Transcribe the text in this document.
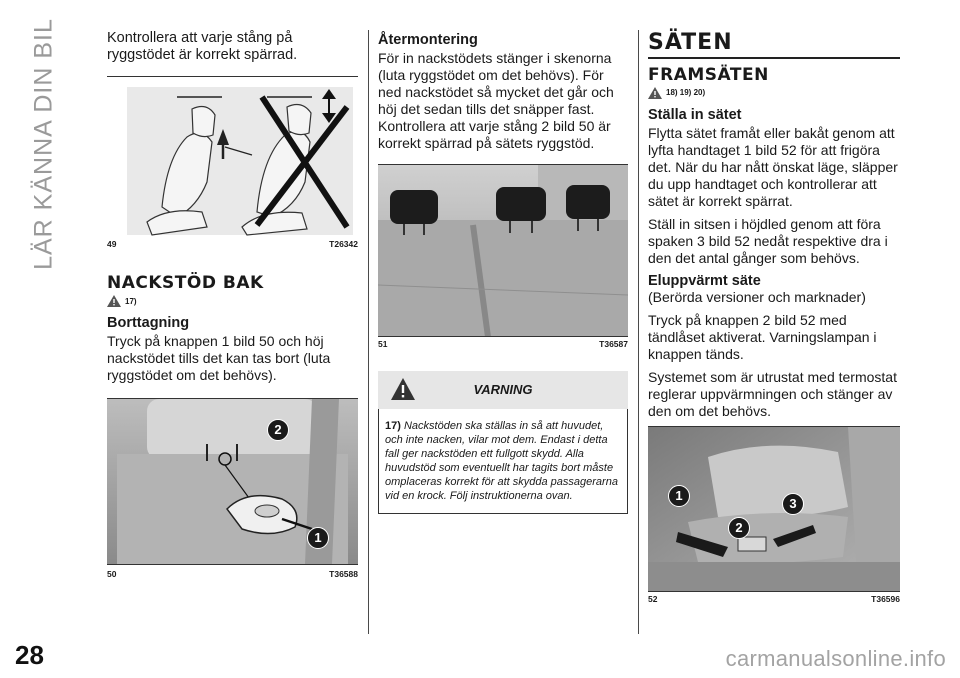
LÄR KÄNNA DIN BIL	Kontrollera att varje stång på ryggstödet är korrekt spärrad.

49	T26342
NACKSTÖD BAK
17)
Borttagning

Tryck på knappen 1 bild 50 och höj nackstödet tills det kan tas bort (luta ryggstödet om det behövs).

2
1
50	T36588
Återmontering

För in nackstödets stänger i skenorna (luta ryggstödet om det behövs). För ned nackstödet så mycket det går och höj det sedan tills det snäpper fast. Kontrollera att varje stång 2 bild 50 är korrekt spärrad på sätets ryggstöd.

51	T36587
VARNING
17) Nackstöden ska ställas in så att huvudet, och inte nacken, vilar mot dem. Endast i detta fall ger nackstöden ett fullgott skydd. Alla huvudstöd som eventuellt har tagits bort måste omplaceras korrekt för att skydda passagerarna vid en krock. Följ instruktionerna ovan.
SÄTEN
FRAMSÄTEN
18) 19) 20)
Ställa in sätet

Flytta sätet framåt eller bakåt genom att lyfta handtaget 1 bild 52 för att frigöra det. När du har nått önskat läge, släpper du upp handtaget och kontrollerar att sätet är korrekt spärrat.

Ställ in sitsen i höjdled genom att föra spaken 3 bild 52 nedåt respektive dra i den det antal gånger som behövs.

Eluppvärmt säte

(Berörda versioner och marknader)

Tryck på knappen 2 bild 52 med tändlåset aktiverat. Varningslampan i knappen tänds.

Systemet som är utrustat med termostat reglerar uppvärmningen och stänger av den om det behövs.

1
2
3
52	T36596
28	carmanualsonline.info
